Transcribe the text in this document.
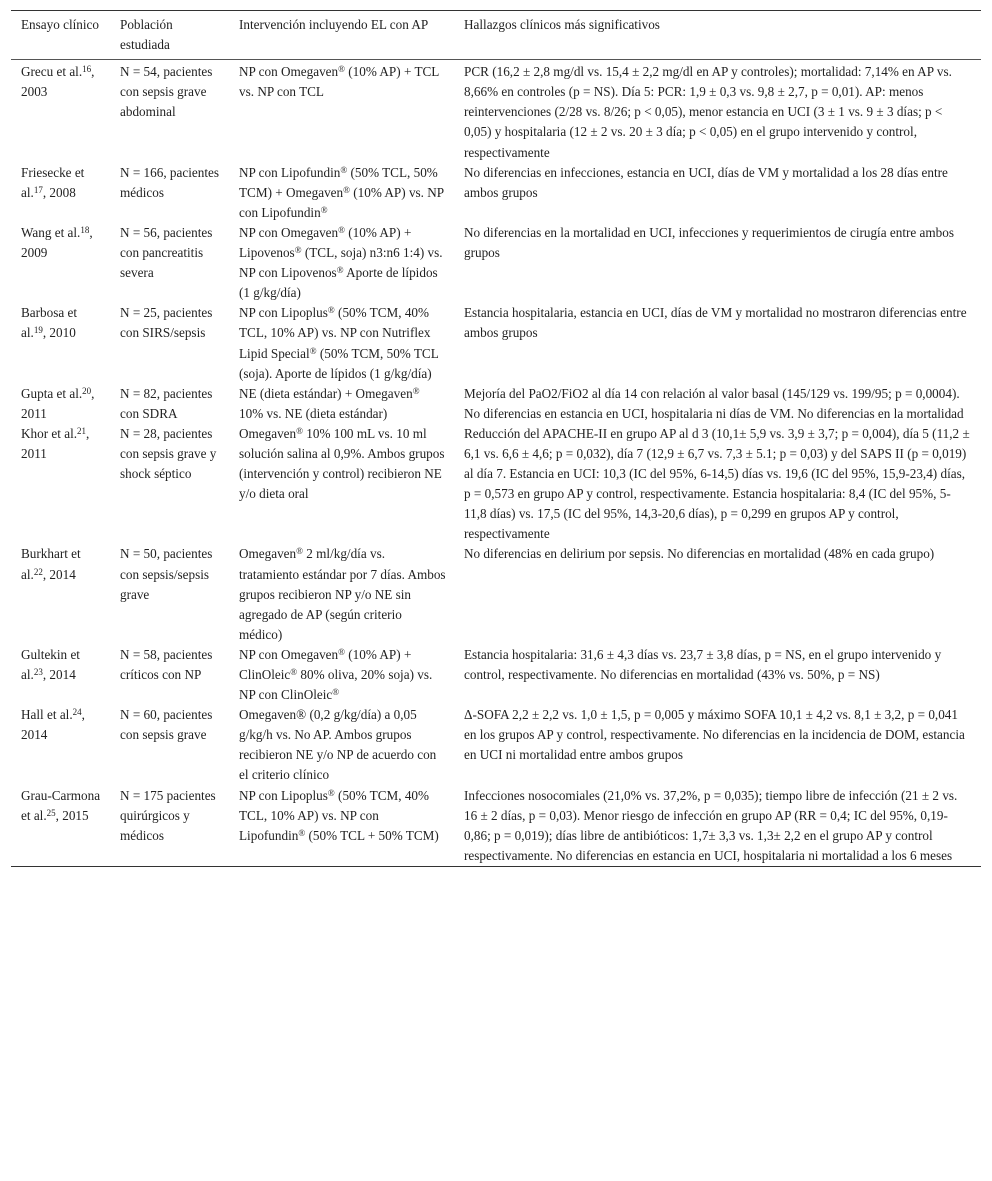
Ensayo clínico	Población estudiada	Intervención incluyendo EL con AP	Hallazgos clínicos más significativos
Grecu et al.$^{16}$, 2003	N = 54, pacientes con sepsis grave abdominal	NP con Omegaven® (10% AP) + TCL vs. NP con TCL	PCR (16,2 ± 2,8 mg/dl vs. 15,4 ± 2,2 mg/dl en AP y controles); mortalidad: 7,14% en AP vs. 8,66% en controles (p = NS). Día 5: PCR: 1,9 ± 0,3 vs. 9,8 ± 2,7, p = 0,01). AP: menos reintervenciones (2/28 vs. 8/26; p < 0,05), menor estancia en UCI (3 ± 1 vs. 9 ± 3 días; p < 0,05) y hospitalaria (12 ± 2 vs. 20 ± 3 día; p < 0,05) en el grupo intervenido y control, respectivamente
Friesecke et al.$^{17}$, 2008	N = 166, pacientes médicos	NP con Lipofundin® (50% TCL, 50% TCM) + Omegaven® (10% AP) vs. NP con Lipofundin®	No diferencias en infecciones, estancia en UCI, días de VM y mortalidad a los 28 días entre ambos grupos
Wang et al.$^{18}$, 2009	N = 56, pacientes con pancreatitis severa	NP con Omegaven® (10% AP) + Lipovenos® (TCL, soja) n3:n6 1:4) vs. NP con Lipovenos® Aporte de lípidos (1 g/kg/día)	No diferencias en la mortalidad en UCI, infecciones y requerimientos de cirugía entre ambos grupos
Barbosa et al.$^{19}$, 2010	N = 25, pacientes con SIRS/sepsis	NP con Lipoplus® (50% TCM, 40% TCL, 10% AP) vs. NP con Nutriflex Lipid Special® (50% TCM, 50% TCL (soja). Aporte de lípidos (1 g/kg/día)	Estancia hospitalaria, estancia en UCI, días de VM y mortalidad no mostraron diferencias entre ambos grupos
Gupta et al.$^{20}$, 2011	N = 82, pacientes con SDRA	NE (dieta estándar) + Omegaven® 10% vs. NE (dieta estándar)	Mejoría del PaO2/FiO2 al día 14 con relación al valor basal (145/129 vs. 199/95; p = 0,0004). No diferencias en estancia en UCI, hospitalaria ni días de VM. No diferencias en la mortalidad
Khor et al.$^{21}$, 2011	N = 28, pacientes con sepsis grave y shock séptico	Omegaven® 10% 100 mL vs. 10 ml solución salina al 0,9%. Ambos grupos (intervención y control) recibieron NE y/o dieta oral	Reducción del APACHE-II en grupo AP al d 3 (10,1± 5,9 vs. 3,9 ± 3,7; p = 0,004), día 5 (11,2 ± 6,1 vs. 6,6 ± 4,6; p = 0,032), día 7 (12,9 ± 6,7 vs. 7,3 ± 5.1; p = 0,03) y del SAPS II (p = 0,019) al día 7. Estancia en UCI: 10,3 (IC del 95%, 6-14,5) días vs. 19,6 (IC del 95%, 15,9-23,4) días, p = 0,573 en grupo AP y control, respectivamente. Estancia hospitalaria: 8,4 (IC del 95%, 5-11,8 días) vs. 17,5 (IC del 95%, 14,3-20,6 días), p = 0,299 en grupos AP y control, respectivamente
Burkhart et al.$^{22}$, 2014	N = 50, pacientes con sepsis/sepsis grave	Omegaven® 2 ml/kg/día vs. tratamiento estándar por 7 días. Ambos grupos recibieron NP y/o NE sin agregado de AP (según criterio médico)	No diferencias en delirium por sepsis. No diferencias en mortalidad (48% en cada grupo)
Gultekin et al.$^{23}$, 2014	N = 58, pacientes críticos con NP	NP con Omegaven® (10% AP) + ClinOleic® 80% oliva, 20% soja) vs. NP con ClinOleic®	Estancia hospitalaria: 31,6 ± 4,3 días vs. 23,7 ± 3,8 días, p = NS, en el grupo intervenido y control, respectivamente. No diferencias en mortalidad (43% vs. 50%, p = NS)
Hall et al.$^{24}$, 2014	N = 60, pacientes con sepsis grave	Omegaven® (0,2 g/kg/día) a 0,05 g/kg/h vs. No AP. Ambos grupos recibieron NE y/o NP de acuerdo con el criterio clínico	Δ-SOFA 2,2 ± 2,2 vs. 1,0 ± 1,5, p = 0,005 y máximo SOFA 10,1 ± 4,2 vs. 8,1 ± 3,2, p = 0,041 en los grupos AP y control, respectivamente. No diferencias en la incidencia de DOM, estancia en UCI ni mortalidad entre ambos grupos
Grau-Carmona et al.$^{25}$, 2015	N = 175 pacientes quirúrgicos y médicos	NP con Lipoplus® (50% TCM, 40% TCL, 10% AP) vs. NP con Lipofundin® (50% TCL + 50% TCM)	Infecciones nosocomiales (21,0% vs. 37,2%, p = 0,035); tiempo libre de infección (21 ± 2 vs. 16 ± 2 días, p = 0,03). Menor riesgo de infección en grupo AP (RR = 0,4; IC del 95%, 0,19-0,86; p = 0,019); días libre de antibióticos: 1,7± 3,3 vs. 1,3± 2,2 en el grupo AP y control respectivamente. No diferencias en estancia en UCI, hospitalaria ni mortalidad a los 6 meses
